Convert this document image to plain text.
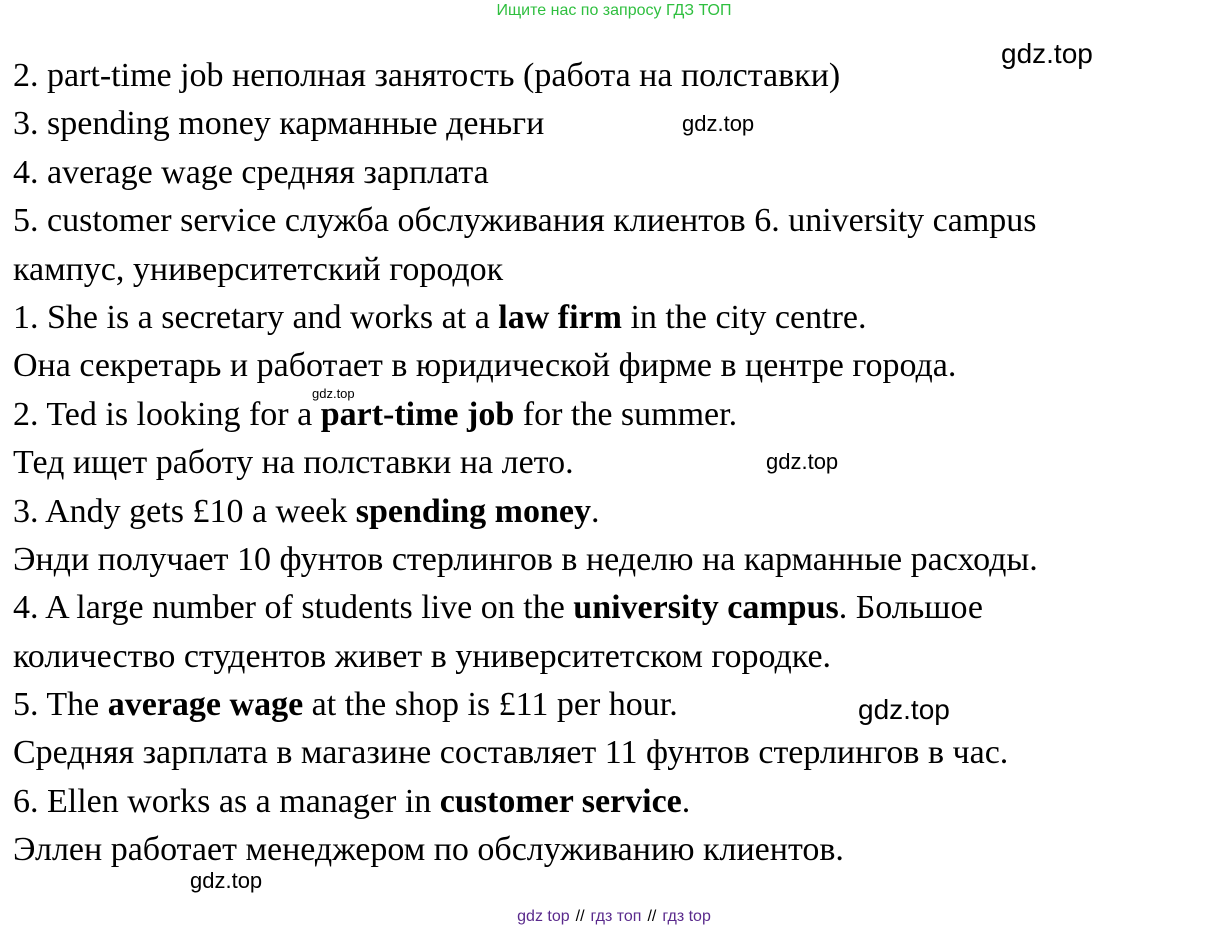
Ищите нас по запросу ГДЗ ТОП
2. part-time job неполная занятость (работа на полставки)
3. spending money карманные деньги
4. average wage средняя зарплата
5. customer service служба обслуживания клиентов 6. university campus
кампус, университетский городок
1. She is a secretary and works at a law firm in the city centre.
Она секретарь и работает в юридической фирме в центре города.
2. Ted is looking for a part-time job for the summer.
Тед ищет работу на полставки на лето.
3. Andy gets £10 a week spending money.
Энди получает 10 фунтов стерлингов в неделю на карманные расходы.
4. A large number of students live on the university campus. Большое
количество студентов живет в университетском городке.
5. The average wage at the shop is £11 per hour.
Средняя зарплата в магазине составляет 11 фунтов стерлингов в час.
6. Ellen works as a manager in customer service.
Эллен работает менеджером по обслуживанию клиентов.
gdz.top
gdz.top
gdz.top
gdz.top
gdz.top
gdz.top
gdz top // гдз топ // гдз top
